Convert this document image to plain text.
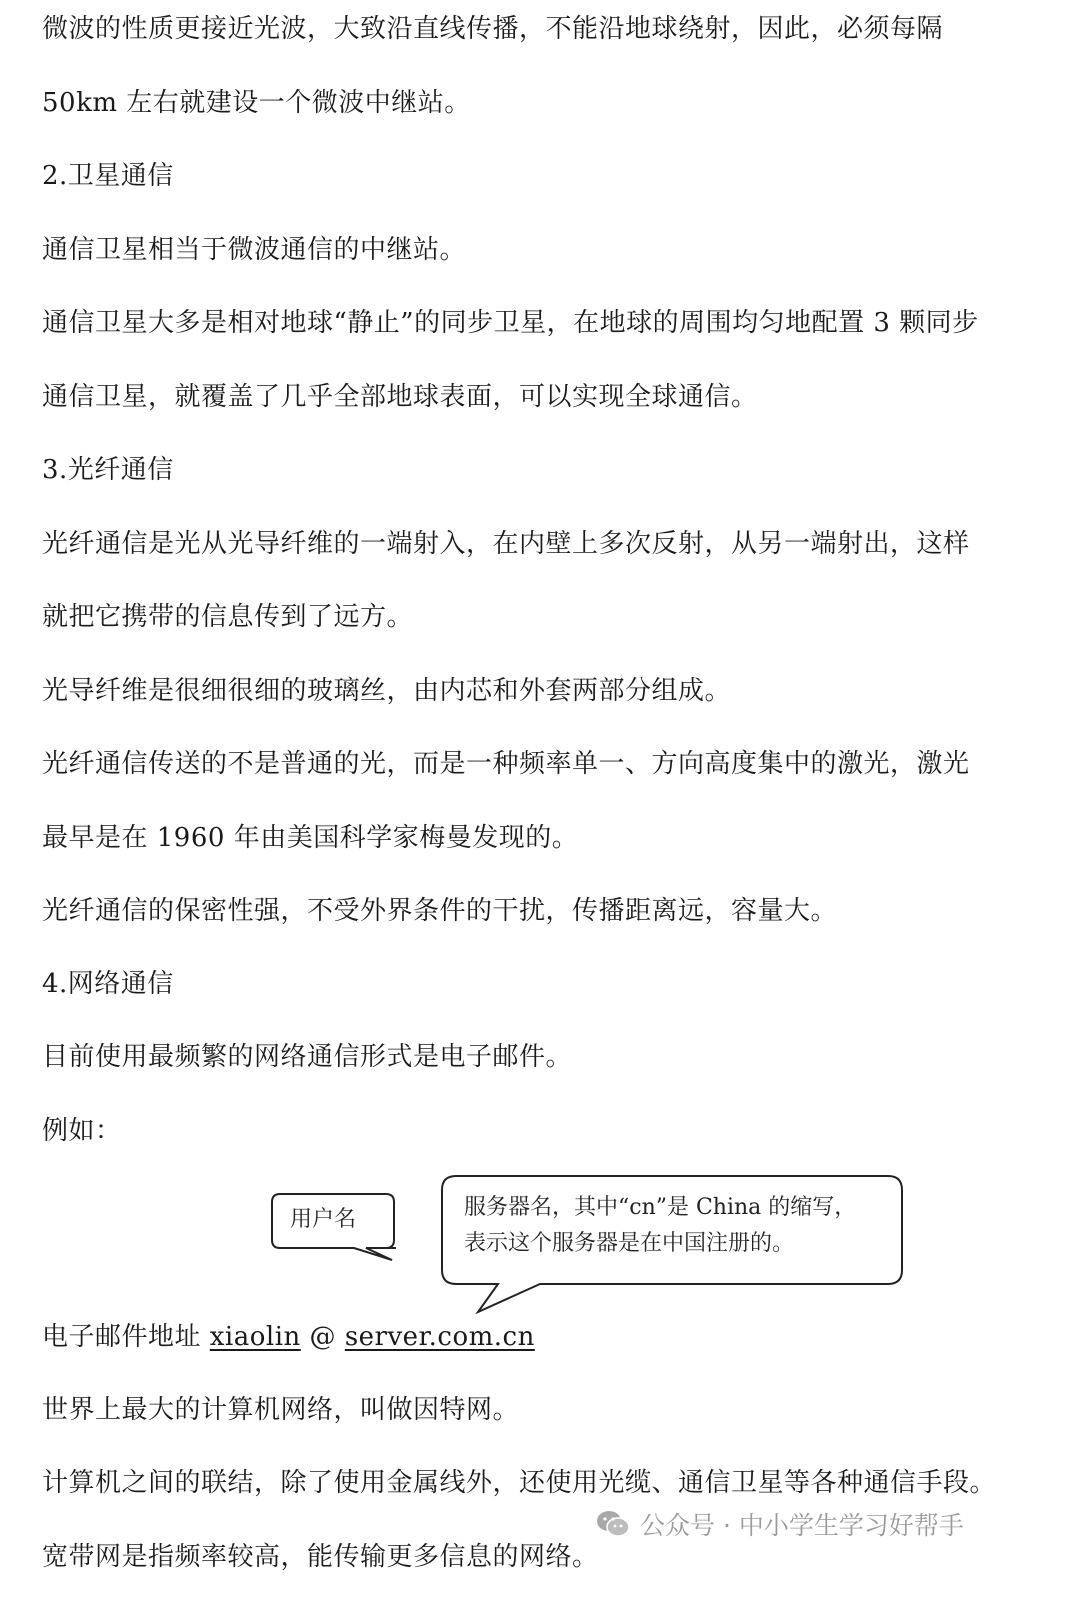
微波的性质更接近光波，大致沿直线传播，不能沿地球绕射，因此，必须每隔
50km 左右就建设一个微波中继站。
2.卫星通信
通信卫星相当于微波通信的中继站。
通信卫星大多是相对地球“静止”的同步卫星，在地球的周围均匀地配置 3 颗同步
通信卫星，就覆盖了几乎全部地球表面，可以实现全球通信。
3.光纤通信
光纤通信是光从光导纤维的一端射入，在内壁上多次反射，从另一端射出，这样
就把它携带的信息传到了远方。
光导纤维是很细很细的玻璃丝，由内芯和外套两部分组成。
光纤通信传送的不是普通的光，而是一种频率单一、方向高度集中的激光，激光
最早是在 1960 年由美国科学家梅曼发现的。
光纤通信的保密性强，不受外界条件的干扰，传播距离远，容量大。
4.网络通信
目前使用最频繁的网络通信形式是电子邮件。
例如：
用户名	服务器名，其中“cn”是 China 的缩写，
表示这个服务器是在中国注册的。
电子邮件地址 xiaolin @ server.com.cn
世界上最大的计算机网络，叫做因特网。
计算机之间的联结，除了使用金属线外，还使用光缆、通信卫星等各种通信手段。
宽带网是指频率较高，能传输更多信息的网络。
公众号 · 中小学生学习好帮手
